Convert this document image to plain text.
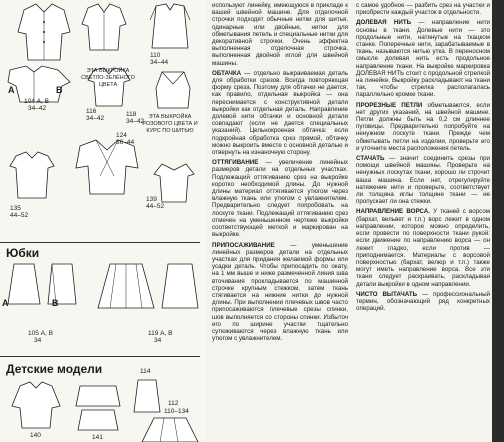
110
34–44
A	B
104 А, В
34–42
ЭТА ВЫКРОЙКА СВЕТЛО-ЗЕЛЁНОГО ЦВЕТА
116
34–42	ЭТА ВЫКРОЙКА РОЗОВОГО ЦВЕТА И КУРС ПО ШИТЬЮ
118
34–42
135
44–52
124
36–44
139
44–52
Юбки
A	B
105 А, В
34
119 А, В
34
Детские модели
140	141
114
112
110–134

используют линейку, имеющуюся в прикладе к вашей швейной машине. Для отделочной строчки подходят обычные нитки для шитья, одинарные или двойные, нитки для обметывания петель и специальные нитки для декоративной строчки. Очень эффектна выполненная отделочная строчка, выполненная двойной иглой для швейной машины.

ОБТАЧКА — отдельно выкраиваемая деталь для обработки срезов. Всегда повторяющая форму среза. Поэтому для обтачки не дается, как правило, отдельная выкройка — она переснимается с конструктивной детали выкройки как отдельная деталь. Направление долевой нити обтачки и основной детали совпадают (если не дается специальных указаний). Цельнокроеная обтачка: если подкройная обработка срез прямой, обтачку можно выкроить вместе с основной деталью и отвернуть на изнаночную сторону.

ОТТЯГИВАНИЕ — увеличение линейных размеров детали на отдельных участках. Подлежащий оттягиванию срез на выкройке коротко необходимой длины. До нужной длины материал оттягивается утюгом через влажную ткань или утюгом с увлажнителем. Предварительно следует попробовать на лоскуте ткани. Подлежащий оттягиванию срез отмечен на уменьшенном чертеже выкройки соответствующей меткой и маркирован на выкройке.

ПРИПОСАЖИВАНИЕ — уменьшение линейных размеров детали на отдельных участках для придания желаемой формы или усадки деталь. Чтобы припосадить по окату, на 1 мм выше и ниже размеченной линия шва вточивания прокладывается по машинной строчке крупным стежком, затем ткань стягивается на нижние нитки до нужной длины. При выполнении плечевых швов часто припосаживаются плечевые срезы спинки, шов выполняется со стороны спинки. Избыточ его по ширине участки тщательно сутюживаются через влажную ткань или утюгом с увлажнителем.

с самое удобное — разбить срез на участки и приобрести каждый участок в отдельности.

ДОЛЕВАЯ НИТЬ — направление нити основы в ткани. Долевые нити — это продольные нити, натянутые на ткацком станке. Поперечные нити, зарабатываемые в ткань, называются нитью утка. В переносном смысле долевая нить есть продольное направление ткани. На выкройке маркировка ДОЛЕВАЯ НИТЬ стоит с продольной стрелкой на линейке. Выкройку раскладывают на ткани так, чтобы стрелка располагалась параллельно кромке ткани.

ПРОРЕЗНЫЕ ПЕТЛИ обметываются, если нет других указаний, на швейной машине. Петли должны быть на 0,2 см длиннее пуговицы. Предварительно попробуйте на ненужном лоскуте ткани. Прежде чем обметывать петли на изделии, проверьте его и уточните места расположения петель.

СТАЧАТЬ — значит соединить срезы при помощи швейной машины. Проверьте на ненужных лоскутах ткани, хорошо ли строчит ваша машина. Если нет, отрегулируйте натяжение нити и проверьте, соответствует ли толщина иглы толщине ткани — не пропускает ли она стежки.

НАПРАВЛЕНИЕ ВОРСА. У тканей с ворсом (бархат, вельвет и т.п.) ворс лежит в одном направлении, которое можно определить, если провести по поверхности ткани рукой: если движение по направлению ворса — он лежит гладко, если против — приподнимается. Материалы с ворсовой поверхностью (бархат, велюр и т.п.) также могут иметь направление ворса. Все эти ткани следует раскраивать, раскладывая детали выкройки в одном направлении.

ЧИСТО ВЫТАЧАТЬ — профессиональный термин, обозначающий ряд конкретных операций.
